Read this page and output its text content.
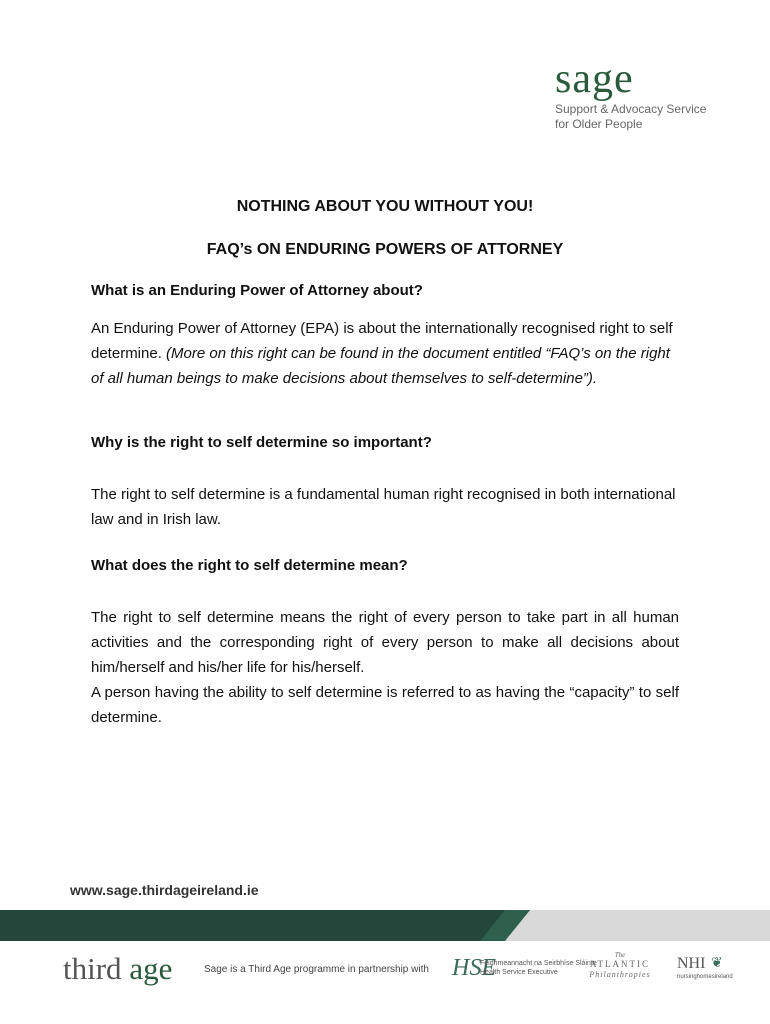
sage
Support & Advocacy Service
for Older People
NOTHING ABOUT YOU WITHOUT YOU!
FAQ’s ON ENDURING POWERS OF ATTORNEY
What is an Enduring Power of Attorney about?

An Enduring Power of Attorney (EPA) is about the internationally recognised right to self determine. (More on this right can be found in the document entitled “FAQ’s on the right of all human beings to make decisions about themselves to self-determine”).

Why is the right to self determine so important?

The right to self determine is a fundamental human right recognised in both international law and in Irish law.

What does the right to self determine mean?

The right to self determine means the right of every person to take part in all human activities and the corresponding right of every person to make all decisions about him/herself and his/her life for his/herself.

A person having the ability to self determine is referred to as having the “capacity” to self determine.

www.sage.thirdageireland.ie
third age	Sage is a Third Age programme in partnership with HSE
Feidhmeannacht na Seirbhíse Sláinte
Health Service Executive
The
ATLANTIC
Philanthropies
NHI ❦
nursinghomesireland
